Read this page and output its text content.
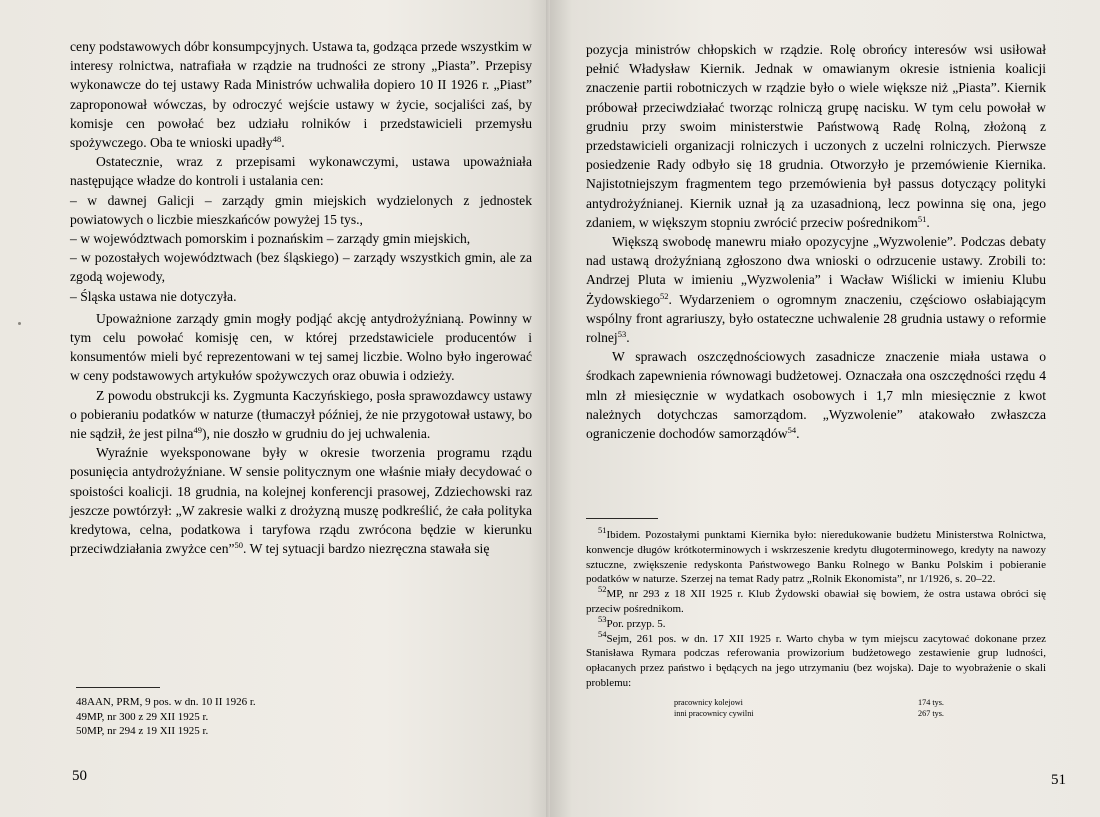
ceny podstawowych dóbr konsumpcyjnych. Ustawa ta, godząca przede wszystkim w interesy rolnictwa, natrafiała w rządzie na trudności ze strony „Piasta”. Przepisy wykonawcze do tej ustawy Rada Ministrów uchwaliła dopiero 10 II 1926 r. „Piast” zaproponował wówczas, by odroczyć wejście ustawy w życie, socjaliści zaś, by komisje cen powołać bez udziału rolników i przedstawicieli przemysłu spożywczego. Oba te wnioski upadły$^{48}$.

Ostatecznie, wraz z przepisami wykonawczymi, ustawa upoważniała następujące władze do kontroli i ustalania cen:

– w dawnej Galicji – zarządy gmin miejskich wydzielonych z jednostek powiatowych o liczbie mieszkańców powyżej 15 tys.,

– w województwach pomorskim i poznańskim – zarządy gmin miejskich,

– w pozostałych województwach (bez śląskiego) – zarządy wszystkich gmin, ale za zgodą wojewody,

– Śląska ustawa nie dotyczyła.

Upoważnione zarządy gmin mogły podjąć akcję antydrożyźnianą. Powinny w tym celu powołać komisję cen, w której przedstawiciele producentów i konsumentów mieli być reprezentowani w tej samej liczbie. Wolno było ingerować w ceny podstawowych artykułów spożywczych oraz obuwia i odzieży.

Z powodu obstrukcji ks. Zygmunta Kaczyńskiego, posła sprawozdawcy ustawy o pobieraniu podatków w naturze (tłumaczył później, że nie przygotował ustawy, bo nie sądził, że jest pilna$^{49}$), nie doszło w grudniu do jej uchwalenia.

Wyraźnie wyeksponowane były w okresie tworzenia programu rządu posunięcia antydrożyźniane. W sensie politycznym one właśnie miały decydować o spoistości koalicji. 18 grudnia, na kolejnej konferencji prasowej, Zdziechowski raz jeszcze powtórzył: „W zakresie walki z drożyzną muszę podkreślić, że cała polityka kredytowa, celna, podatkowa i taryfowa rządu zwrócona będzie w kierunku przeciwdziałania zwyżce cen”$^{50}$. W tej sytuacji bardzo niezręczna stawała się

48AAN, PRM, 9 pos. w dn. 10 II 1926 r.
49MP, nr 300 z 29 XII 1925 r.
50MP, nr 294 z 19 XII 1925 r.
50

pozycja ministrów chłopskich w rządzie. Rolę obrońcy interesów wsi usiłował pełnić Władysław Kiernik. Jednak w omawianym okresie istnienia koalicji znaczenie partii robotniczych w rządzie było o wiele większe niż „Piasta”. Kiernik próbował przeciwdziałać tworząc rolniczą grupę nacisku. W tym celu powołał w grudniu przy swoim ministerstwie Państwową Radę Rolną, złożoną z przedstawicieli organizacji rolniczych i uczonych z uczelni rolniczych. Pierwsze posiedzenie Rady odbyło się 18 grudnia. Otworzyło je przemówienie Kiernika. Najistotniejszym fragmentem tego przemówienia był passus dotyczący polityki antydrożyźnianej. Kiernik uznał ją za uzasadnioną, lecz powinna się ona, jego zdaniem, w większym stopniu zwrócić przeciw pośrednikom$^{51}$.

Większą swobodę manewru miało opozycyjne „Wyzwolenie”. Podczas debaty nad ustawą drożyźnianą zgłoszono dwa wnioski o odrzucenie ustawy. Zrobili to: Andrzej Pluta w imieniu „Wyzwolenia” i Wacław Wiślicki w imieniu Klubu Żydowskiego$^{52}$. Wydarzeniem o ogromnym znaczeniu, częściowo osłabiającym wspólny front agrariuszy, było ostateczne uchwalenie 28 grudnia ustawy o reformie rolnej$^{53}$.

W sprawach oszczędnościowych zasadnicze znaczenie miała ustawa o środkach zapewnienia równowagi budżetowej. Oznaczała ona oszczędności rzędu 4 mln zł miesięcznie w wydatkach osobowych i 1,7 mln miesięcznie z kwot należnych dotychczas samorządom. „Wyzwolenie” atakowało zwłaszcza ograniczenie dochodów samorządów$^{54}$.

$^{51}$Ibidem. Pozostałymi punktami Kiernika było: nieredukowanie budżetu Ministerstwa Rolnictwa, konwencje długów krótkoterminowych i wskrzeszenie kredytu długoterminowego, kredyty na nawozy sztuczne, zwiększenie redyskonta Państwowego Banku Rolnego w Banku Polskim i pobieranie podatków w naturze. Szerzej na temat Rady patrz „Rolnik Ekonomista”, nr 1/1926, s. 20–22.

$^{52}$MP, nr 293 z 18 XII 1925 r. Klub Żydowski obawiał się bowiem, że ostra ustawa obróci się przeciw pośrednikom.

$^{53}$Por. przyp. 5.

$^{54}$Sejm, 261 pos. w dn. 17 XII 1925 r. Warto chyba w tym miejscu zacytować dokonane przez Stanisława Rymara podczas referowania prowizorium budżetowego zestawienie grup ludności, opłacanych przez państwo i będących na jego utrzymaniu (bez wojska). Daje to wyobrażenie o skali problemu:

pracownicy kolejowi	174 tys.
inni pracownicy cywilni	267 tys.
51
